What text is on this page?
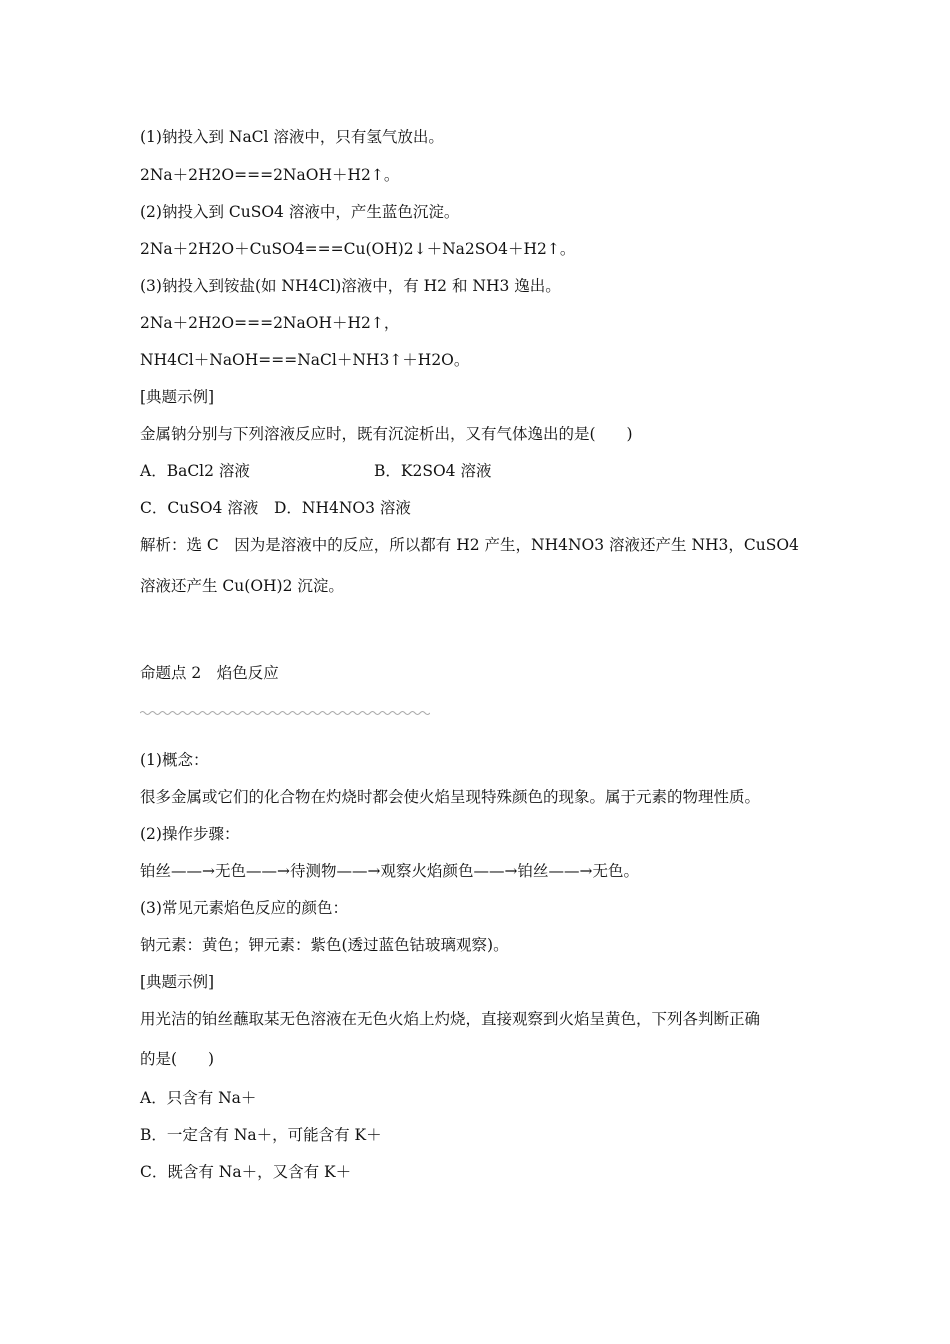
(1)钠投入到 NaCl 溶液中，只有氢气放出。
2Na＋2H2O===2NaOH＋H2↑。
(2)钠投入到 CuSO4 溶液中，产生蓝色沉淀。
2Na＋2H2O＋CuSO4===Cu(OH)2↓＋Na2SO4＋H2↑。
(3)钠投入到铵盐(如 NH4Cl)溶液中，有 H2 和 NH3 逸出。
2Na＋2H2O===2NaOH＋H2↑，
NH4Cl＋NaOH===NaCl＋NH3↑＋H2O。
[典题示例]
金属钠分别与下列溶液反应时，既有沉淀析出，又有气体逸出的是(　　)
A．BaCl2 溶液	B．K2SO4 溶液
C．CuSO4 溶液 D．NH4NO3 溶液
解析：选 C　因为是溶液中的反应，所以都有 H2 产生，NH4NO3 溶液还产生 NH3，CuSO4
溶液还产生 Cu(OH)2 沉淀。
命题点 2　焰色反应
(1)概念：
很多金属或它们的化合物在灼烧时都会使火焰呈现特殊颜色的现象。属于元素的物理性质。
(2)操作步骤：
铂丝——→无色——→待测物——→观察火焰颜色——→铂丝——→无色。
(3)常见元素焰色反应的颜色：
钠元素：黄色；钾元素：紫色(透过蓝色钴玻璃观察)。
[典题示例]
用光洁的铂丝蘸取某无色溶液在无色火焰上灼烧，直接观察到火焰呈黄色，下列各判断正确
的是(　　)
A．只含有 Na＋
B．一定含有 Na＋，可能含有 K＋
C．既含有 Na＋，又含有 K＋
